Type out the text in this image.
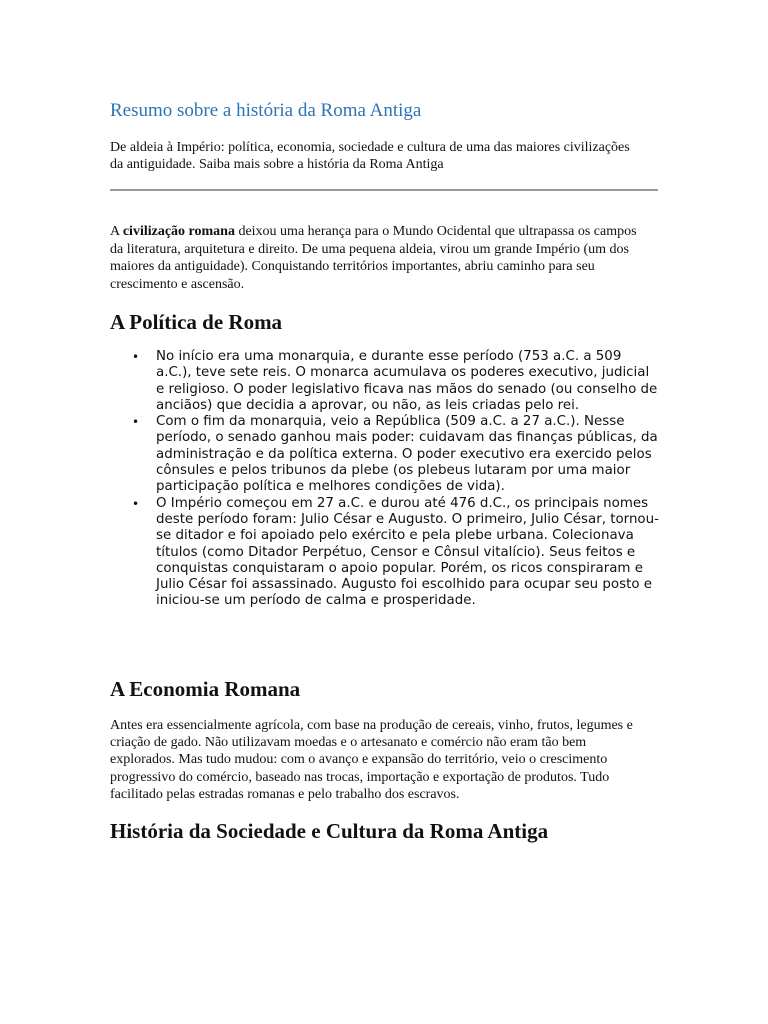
Resumo sobre a história da Roma Antiga

De aldeia à Império: política, economia, sociedade e cultura de uma das maiores civilizações da antiguidade. Saiba mais sobre a história da Roma Antiga

A civilização romana deixou uma herança para o Mundo Ocidental que ultrapassa os campos da literatura, arquitetura e direito. De uma pequena aldeia, virou um grande Império (um dos maiores da antiguidade). Conquistando territórios importantes, abriu caminho para seu crescimento e ascensão.

A Política de Roma
• No início era uma monarquia, e durante esse período (753 a.C. a 509 a.C.), teve sete reis. O monarca acumulava os poderes executivo, judicial e religioso. O poder legislativo ficava nas mãos do senado (ou conselho de anciãos) que decidia a aprovar, ou não, as leis criadas pelo rei.
• Com o fim da monarquia, veio a República (509 a.C. a 27 a.C.). Nesse período, o senado ganhou mais poder: cuidavam das finanças públicas, da administração e da política externa. O poder executivo era exercido pelos cônsules e pelos tribunos da plebe (os plebeus lutaram por uma maior participação política e melhores condições de vida).
• O Império começou em 27 a.C. e durou até 476 d.C., os principais nomes deste período foram: Julio César e Augusto. O primeiro, Julio César, tornou-se ditador e foi apoiado pelo exército e pela plebe urbana. Colecionava títulos (como Ditador Perpétuo, Censor e Cônsul vitalício). Seus feitos e conquistas conquistaram o apoio popular. Porém, os ricos conspiraram e Julio César foi assassinado. Augusto foi escolhido para ocupar seu posto e iniciou-se um período de calma e prosperidade.
A Economia Romana

Antes era essencialmente agrícola, com base na produção de cereais, vinho, frutos, legumes e criação de gado. Não utilizavam moedas e o artesanato e comércio não eram tão bem explorados. Mas tudo mudou: com o avanço e expansão do território, veio o crescimento progressivo do comércio, baseado nas trocas, importação e exportação de produtos. Tudo facilitado pelas estradas romanas e pelo trabalho dos escravos.

História da Sociedade e Cultura da Roma Antiga
